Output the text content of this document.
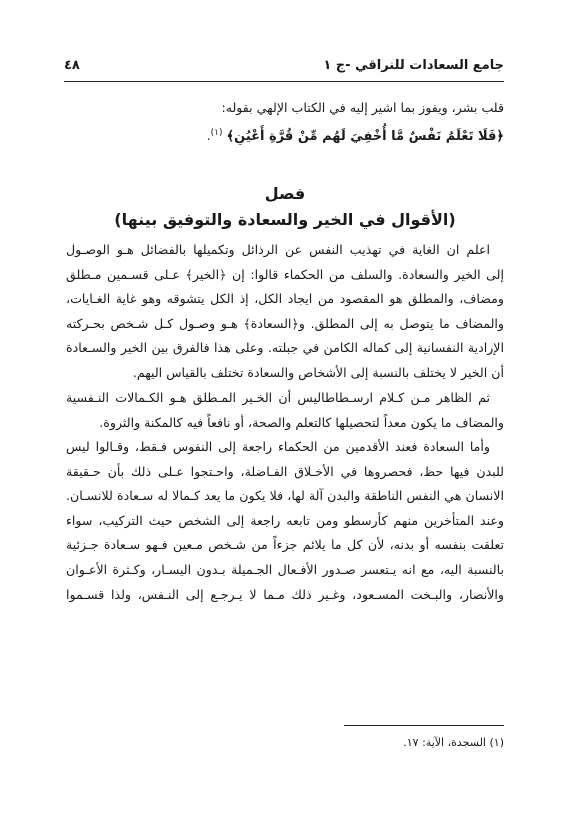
جامع السعادات للنراقي -ج ١
٤٨
قلب بشر، ويفوز بما اشير إليه في الكتاب الإلهي بقوله:
﴿فَلَا تَعْلَمُ نَفْسٌ مَّا أُخْفِيَ لَهُم مِّنْ قُرَّةِ أَعْيُنٍ﴾ $^{(١)}$.
فصل
(الأقوال في الخير والسعادة والتوفيق بينها)
اعلم ان الغاية في تهذيب النفس عن الرذائل وتكميلها بالفضائل هـو الوصـول
إلى الخير والسعادة. والسلف من الحكماء قالوا: إن ﴿الخير﴾ عـلى قسـمين مـطلق
ومضاف، والمطلق هو المقصود من ايجاد الكل، إذ الكل يتشوقه وهو غاية الغـايات،
والمضاف ما يتوصل به إلى المطلق. و﴿السعادة﴾ هـو وصـول كـل شـخص بحـركته
الإرادية النفسانية إلى كماله الكامن في جبلته. وعلى هذا فالفرق بين الخير والسـعادة
أن الخير لا يختلف بالنسبة إلى الأشخاص والسعادة تختلف بالقياس اليهم.
ثم الظاهر مـن كـلام ارسـطاطاليس أن الخـير المـطلق هـو الكـمالات النـفسية
والمضاف ما يكون معداً لتحصيلها كالتعلم والصحة، أو نافعاً فيه كالمكنة والثروة.
وأما السعادة فعند الأقدمين من الحكماء راجعة إلى النفوس فـقط، وقـالوا ليس
للبدن فيها حظ، فحصروها في الأخـلاق الفـاضلة، واحـتجوا عـلى ذلك بأن حـقيقة
الانسان هي النفس الناطقة والبدن آلة لها، فلا يكون ما يعد كـمالا له سـعادة للانسـان.
وعند المتأخرين منهم كأرسطو ومن تابعه راجعة إلى الشخص حيث التركيب، سواء
تعلقت بنفسه أو بدنه، لأن كل ما يلائم جزءاً من شـخص مـعين فـهو سـعادة جـزئية
بالنسبة اليه، مع انه يـتعسر صـدور الأفـعال الجـميلة بـدون اليسـار، وكـثرة الأعـوان
والأنصار، والبـخت المسـعود، وغـير ذلك مـما لا يـرجـع إلى النـفس، ولذا قسـموا
(١) السجدة، الآية: ١٧.
